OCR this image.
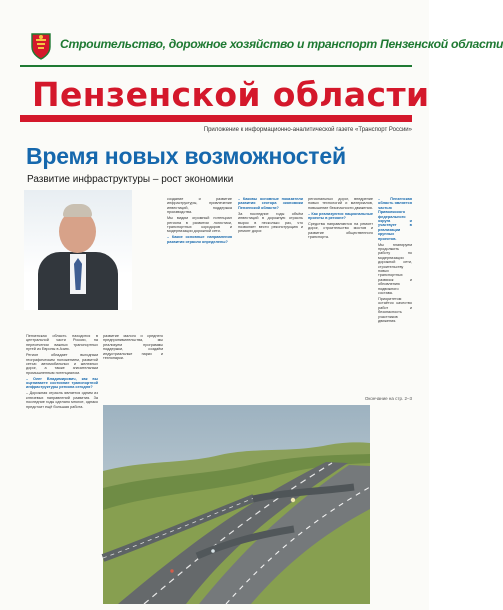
Строительство, дорожное хозяйство и транспорт Пензенской области
Пензенской области
Приложение к информационно-аналитической газете «Транспорт России»
Время новых возможностей
Развитие инфраструктуры – рост экономики

Пензенская область находится в центральной части России, на пересечении важных транспортных путей из Европы в Азию.

Регион обладает выгодным географическим положением, развитой сетью автомобильных и железных дорог, а также значительным промышленным потенциалом.

– Олег Владимирович, как вы оцениваете состояние транспортной инфраструктуры региона сегодня?

– Дорожная отрасль является одним из ключевых направлений развития. За последние годы сделано многое, однако предстоит ещё большая работа.

развитие малого и среднего предпринимательства, мы реализуем программы поддержки, создаём индустриальные парки и технопарки.

создание и развитие инфраструктуры, привлечение инвестиций, поддержка производства.

Мы видим огромный потенциал региона в развитии логистики, транспортных коридоров и модернизации дорожной сети.

– Какие основные направления развития отрасли определены?

– Каковы основные показатели развития сектора экономики Пензенской области?

За последние годы объём инвестиций в дорожную отрасль вырос в несколько раз, что позволяет вести реконструкцию и ремонт дорог.

региональных дорог, внедрение новых технологий и материалов, повышение безопасности движения.

– Как реализуются национальные проекты в регионе?

Средства направляются на ремонт дорог, строительство мостов и развитие общественного транспорта.

– Пензенская область является частью Приволжского федерального округа и участвует в реализации крупных проектов.

Мы планируем продолжить работу по модернизации дорожной сети, строительству новых транспортных развязок и обновлению подвижного состава.

Приоритетом остаётся качество работ и безопасность участников движения.

Окончание на стр. 2–3
